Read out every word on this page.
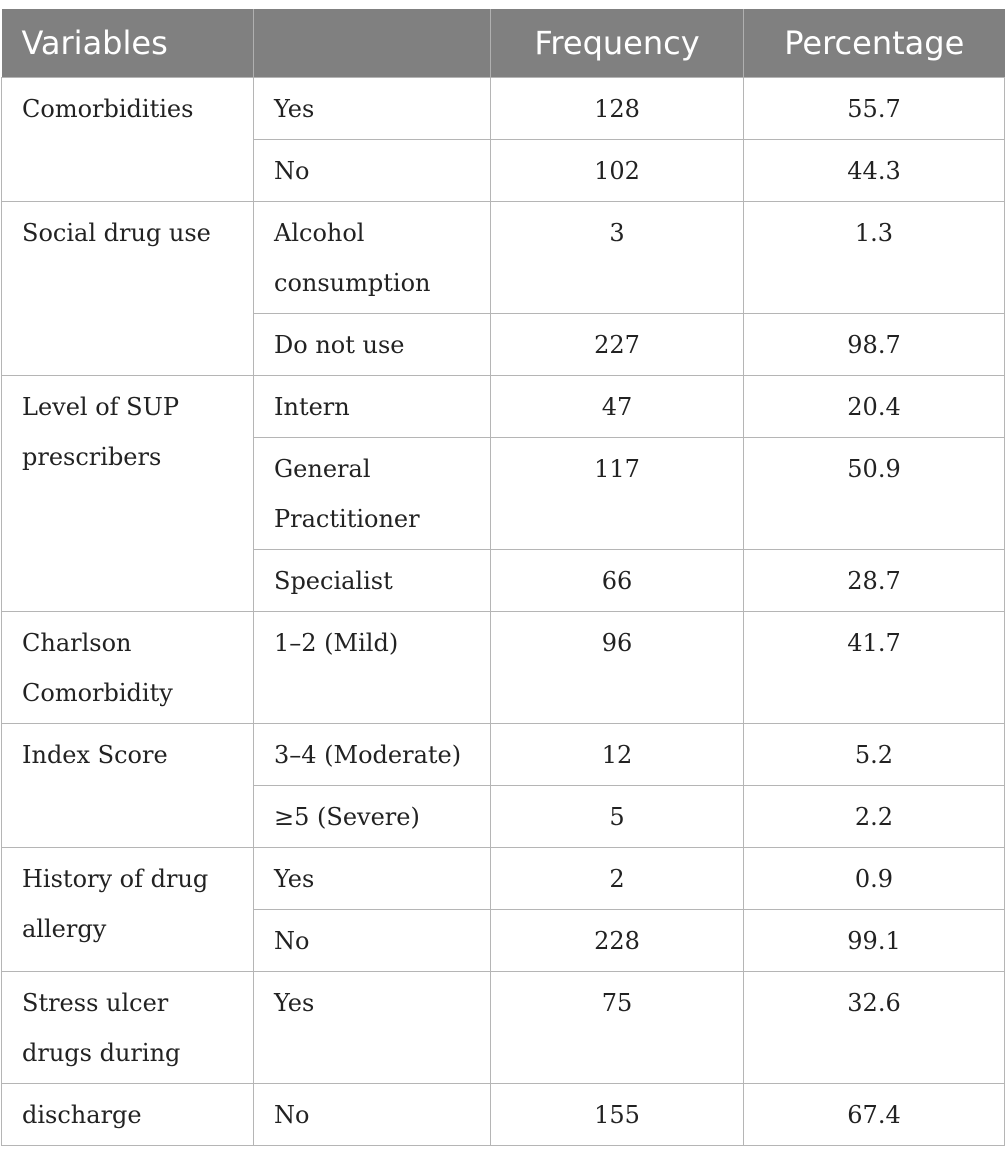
Variables		Frequency	Percentage
Comorbidities	Yes	128	55.7
	No	102	44.3
Social drug use	Alcohol consumption	3	1.3
	Do not use	227	98.7
Level of SUP prescribers	Intern	47	20.4
	General Practitioner	117	50.9
	Specialist	66	28.7
Charlson Comorbidity	1–2 (Mild)	96	41.7
Index Score	3–4 (Moderate)	12	5.2
	≥5 (Severe)	5	2.2
History of drug allergy	Yes	2	0.9
	No	228	99.1
Stress ulcer drugs during	Yes	75	32.6
discharge	No	155	67.4
